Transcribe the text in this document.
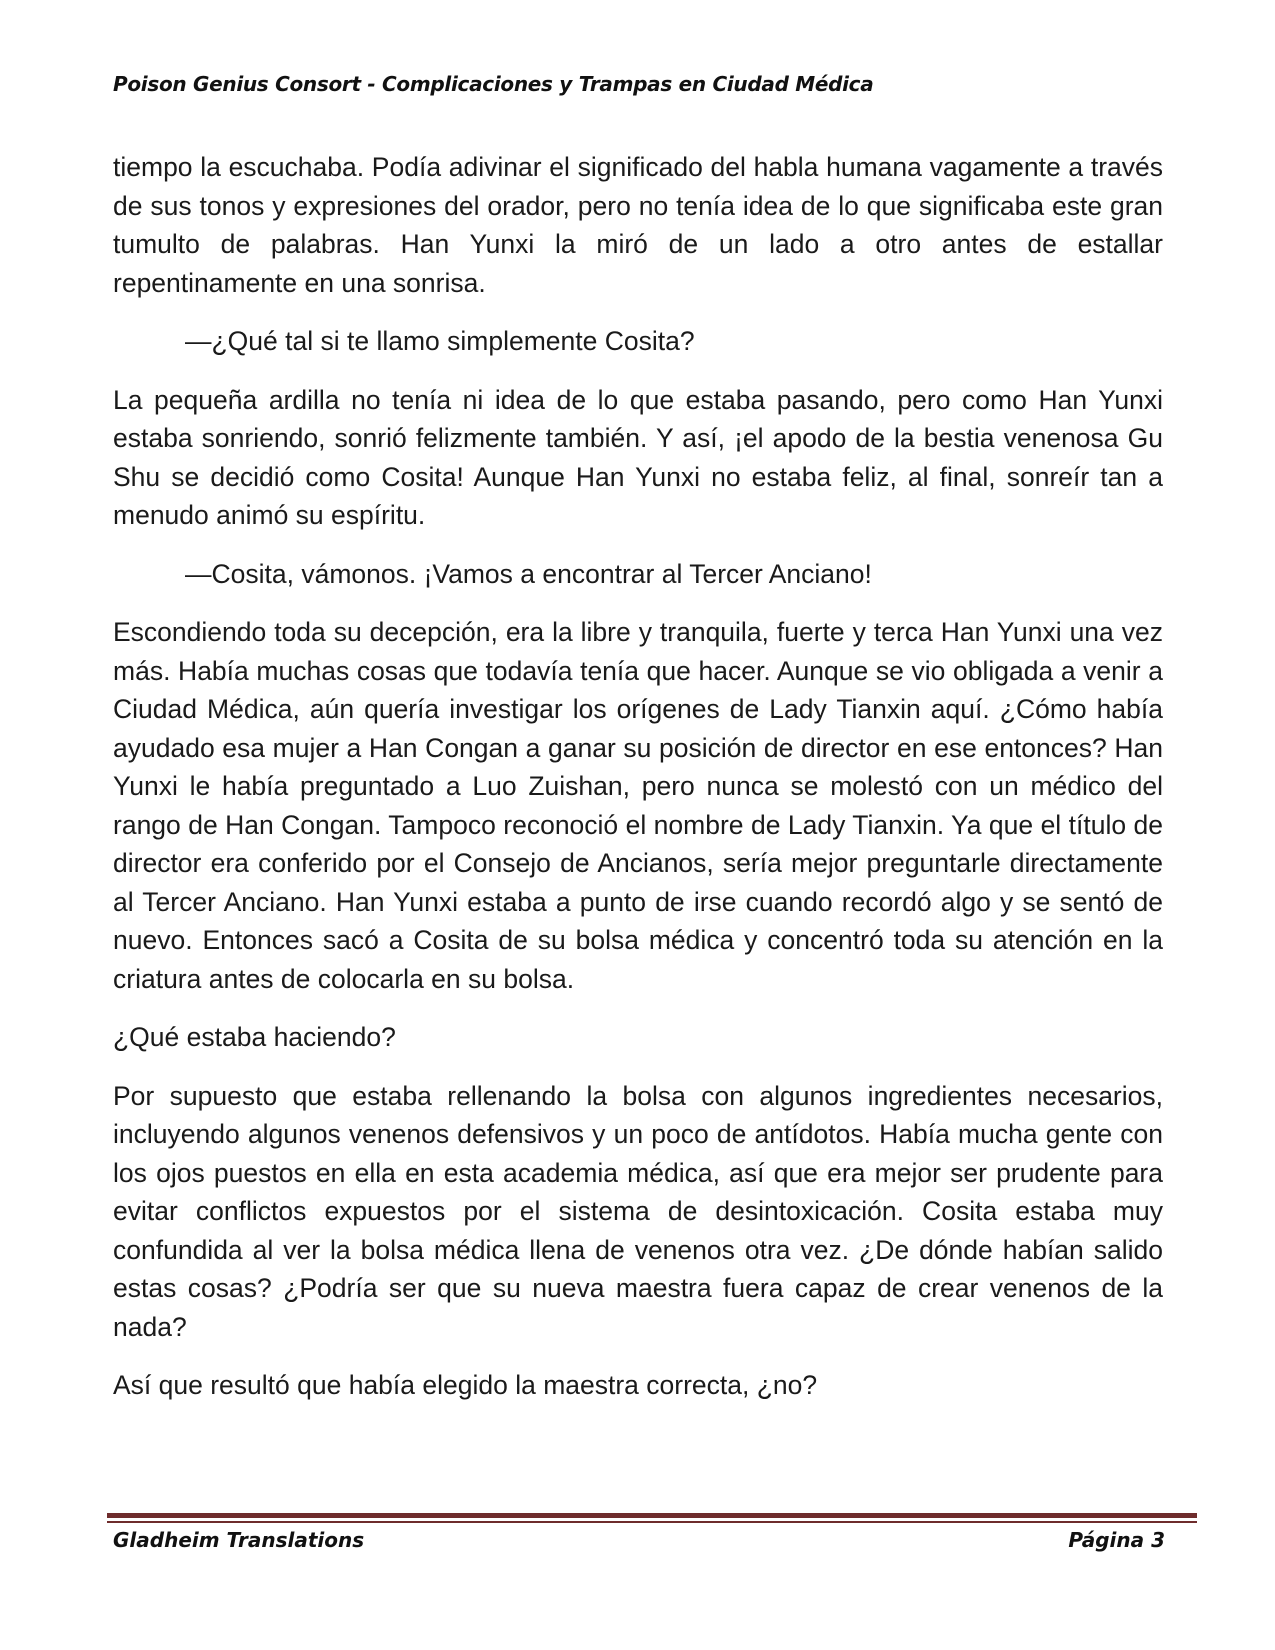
Poison Genius Consort - Complicaciones y Trampas en Ciudad Médica

tiempo la escuchaba. Podía adivinar el significado del habla humana vagamente a través de sus tonos y expresiones del orador, pero no tenía idea de lo que significaba este gran tumulto de palabras. Han Yunxi la miró de un lado a otro antes de estallar repentinamente en una sonrisa.

—¿Qué tal si te llamo simplemente Cosita?

La pequeña ardilla no tenía ni idea de lo que estaba pasando, pero como Han Yunxi estaba sonriendo, sonrió felizmente también. Y así, ¡el apodo de la bestia venenosa Gu Shu se decidió como Cosita! Aunque Han Yunxi no estaba feliz, al final, sonreír tan a menudo animó su espíritu.

—Cosita, vámonos. ¡Vamos a encontrar al Tercer Anciano!

Escondiendo toda su decepción, era la libre y tranquila, fuerte y terca Han Yunxi una vez más. Había muchas cosas que todavía tenía que hacer. Aunque se vio obligada a venir a Ciudad Médica, aún quería investigar los orígenes de Lady Tianxin aquí. ¿Cómo había ayudado esa mujer a Han Congan a ganar su posición de director en ese entonces? Han Yunxi le había preguntado a Luo Zuishan, pero nunca se molestó con un médico del rango de Han Congan. Tampoco reconoció el nombre de Lady Tianxin. Ya que el título de director era conferido por el Consejo de Ancianos, sería mejor preguntarle directamente al Tercer Anciano. Han Yunxi estaba a punto de irse cuando recordó algo y se sentó de nuevo. Entonces sacó a Cosita de su bolsa médica y concentró toda su atención en la criatura antes de colocarla en su bolsa.

¿Qué estaba haciendo?

Por supuesto que estaba rellenando la bolsa con algunos ingredientes necesarios, incluyendo algunos venenos defensivos y un poco de antídotos. Había mucha gente con los ojos puestos en ella en esta academia médica, así que era mejor ser prudente para evitar conflictos expuestos por el sistema de desintoxicación. Cosita estaba muy confundida al ver la bolsa médica llena de venenos otra vez. ¿De dónde habían salido estas cosas? ¿Podría ser que su nueva maestra fuera capaz de crear venenos de la nada?

Así que resultó que había elegido la maestra correcta, ¿no?

Gladheim Translations	Página 3
